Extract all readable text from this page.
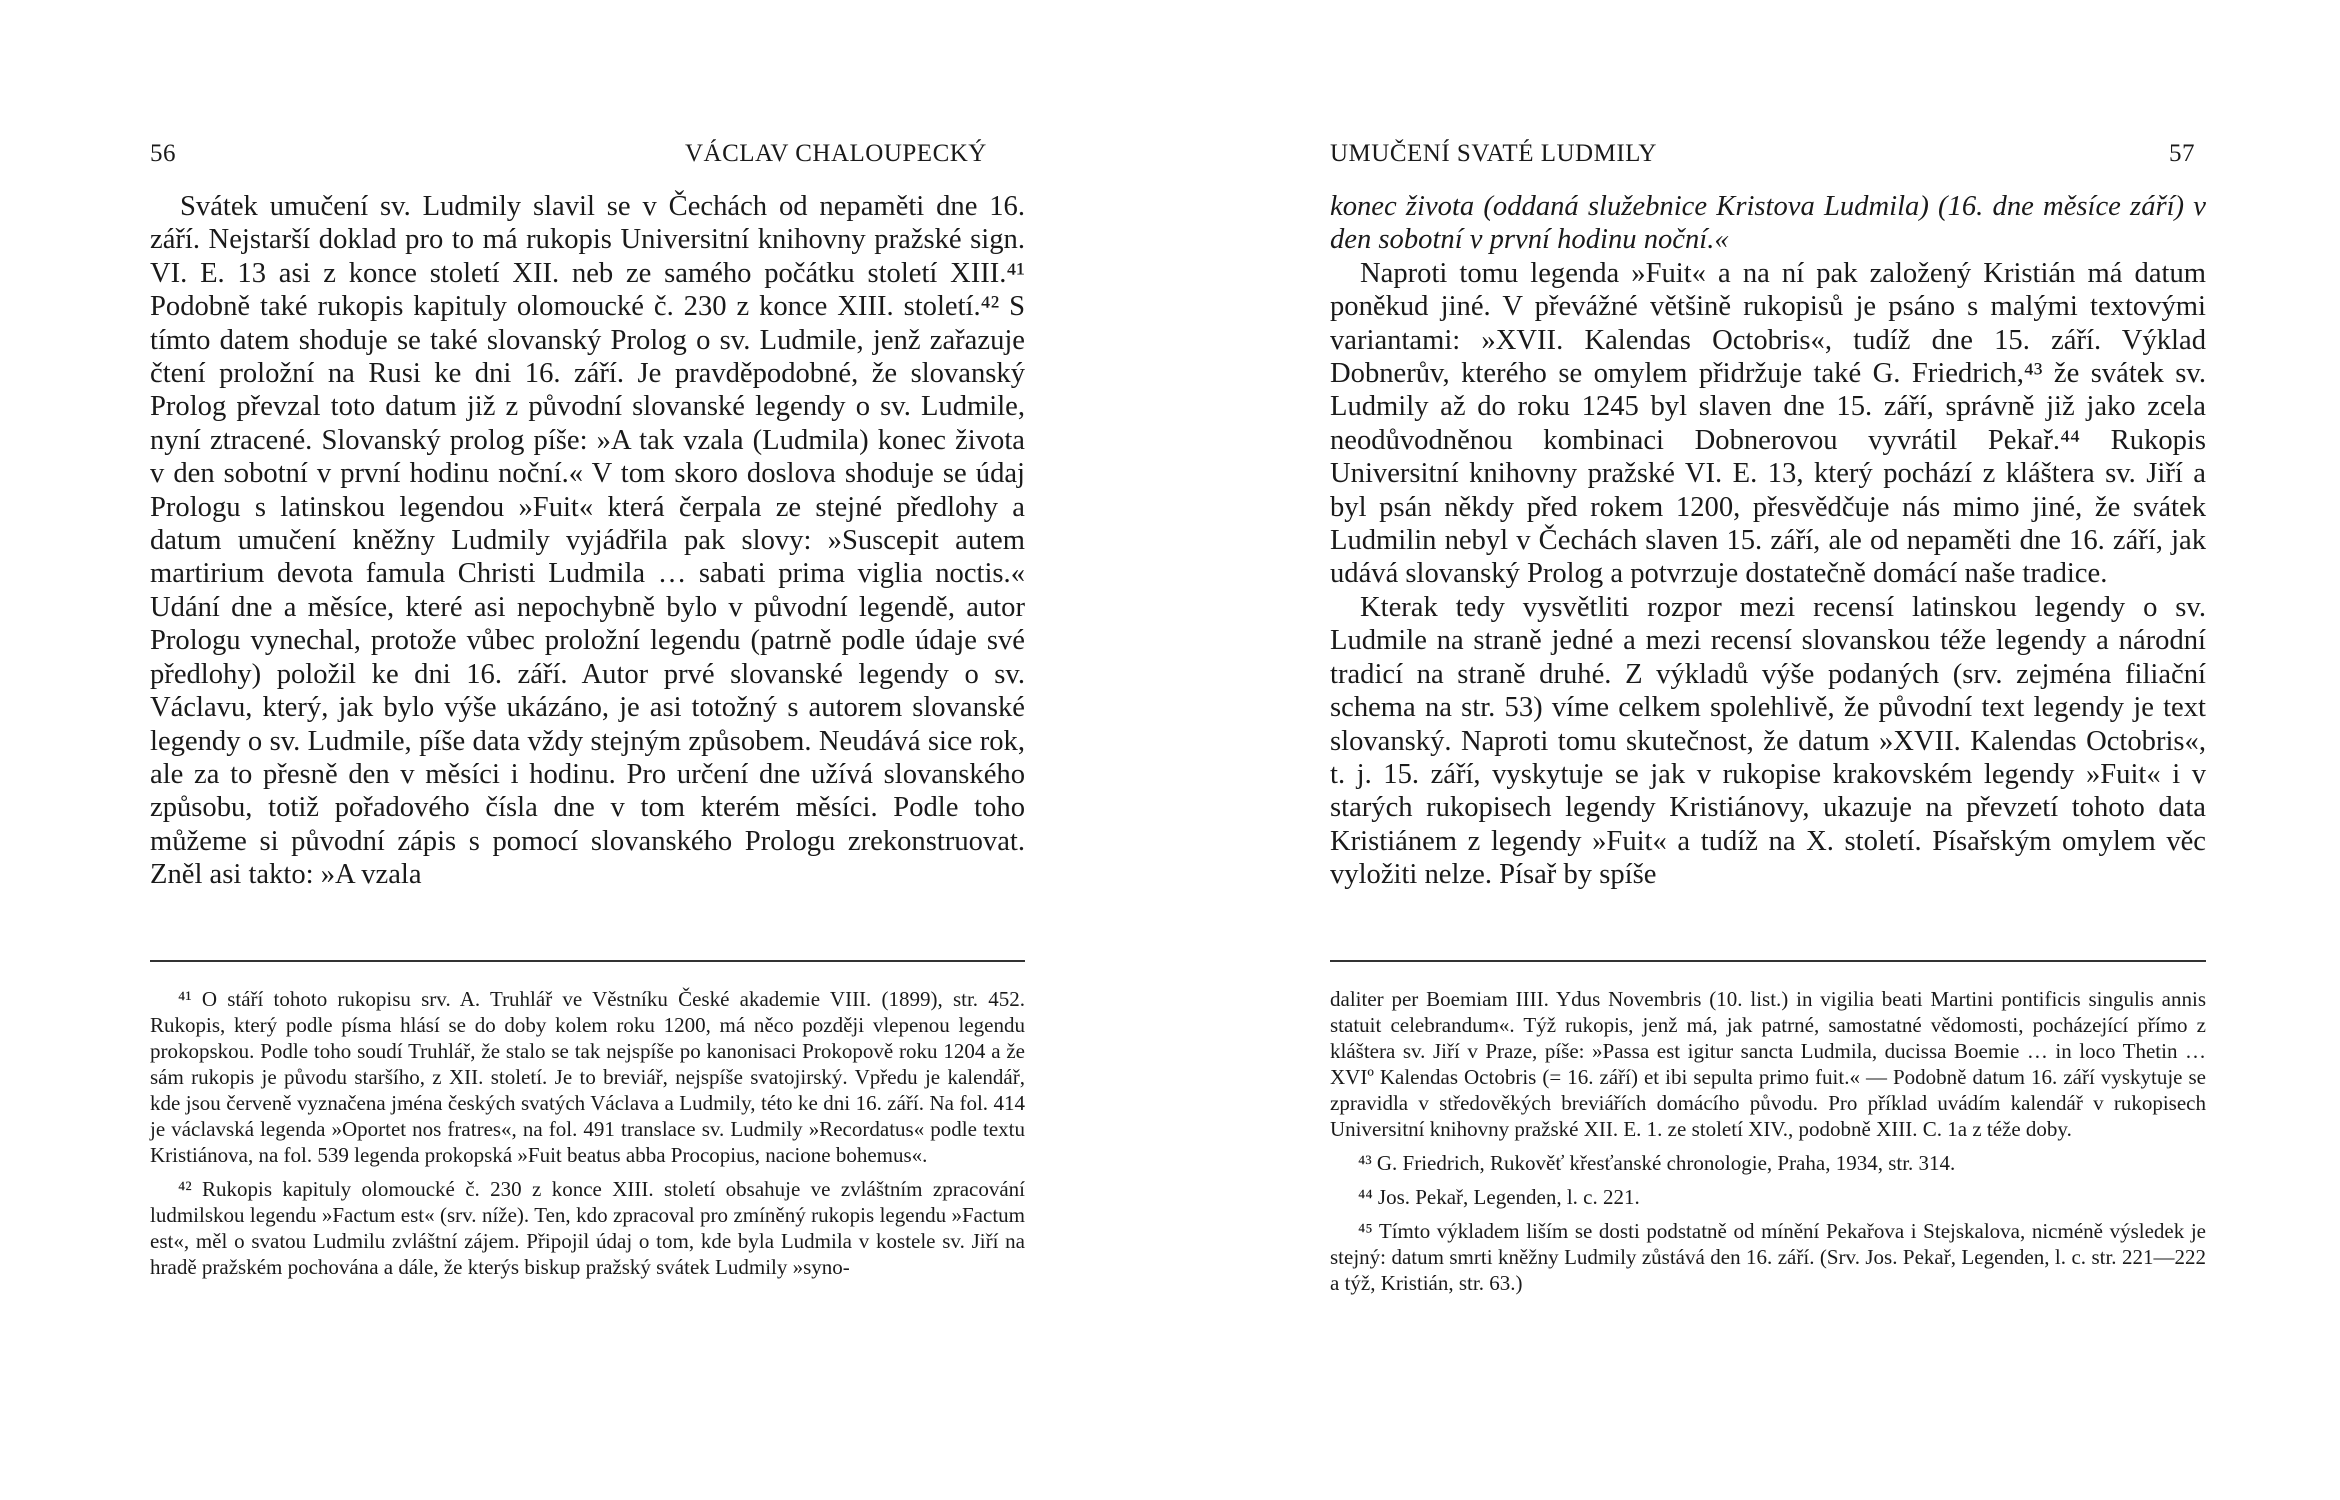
56	VÁCLAV CHALOUPECKÝ

Svátek umučení sv. Ludmily slavil se v Čechách od nepaměti dne 16. září. Nejstarší doklad pro to má rukopis Universitní knihovny pražské sign. VI. E. 13 asi z konce století XII. neb ze samého počátku století XIII.⁴¹ Podobně také rukopis kapituly olomoucké č. 230 z konce XIII. století.⁴² S tímto datem shoduje se také slovanský Prolog o sv. Ludmile, jenž zařazuje čtení proložní na Rusi ke dni 16. září. Je pravděpodobné, že slovanský Prolog převzal toto datum již z původní slovanské legendy o sv. Ludmile, nyní ztracené. Slovanský prolog píše: »A tak vzala (Ludmila) konec života v den sobotní v první hodinu noční.« V tom skoro doslova shoduje se údaj Prologu s latinskou legendou »Fuit« která čerpala ze stejné předlohy a datum umučení kněžny Ludmily vyjádřila pak slovy: »Suscepit autem martirium devota famula Christi Ludmila … sabati prima viglia noctis.« Udání dne a měsíce, které asi nepochybně bylo v původní legendě, autor Prologu vynechal, protože vůbec proložní legendu (patrně podle údaje své předlohy) položil ke dni 16. září. Autor prvé slovanské legendy o sv. Václavu, který, jak bylo výše ukázáno, je asi totožný s autorem slovanské legendy o sv. Ludmile, píše data vždy stejným způsobem. Neudává sice rok, ale za to přesně den v měsíci i hodinu. Pro určení dne užívá slovanského způsobu, totiž pořadového čísla dne v tom kterém měsíci. Podle toho můžeme si původní zápis s pomocí slovanského Prologu zrekonstruovat. Zněl asi takto: »A vzala

⁴¹ O stáří tohoto rukopisu srv. A. Truhlář ve Věstníku České akademie VIII. (1899), str. 452. Rukopis, který podle písma hlásí se do doby kolem roku 1200, má něco později vlepenou legendu prokopskou. Podle toho soudí Truhlář, že stalo se tak nejspíše po kanonisaci Prokopově roku 1204 a že sám rukopis je původu staršího, z XII. století. Je to breviář, nejspíše svatojirský. Vpředu je kalendář, kde jsou červeně vyznačena jména českých svatých Václava a Ludmily, této ke dni 16. září. Na fol. 414 je václavská legenda »Oportet nos fratres«, na fol. 491 translace sv. Ludmily »Recordatus« podle textu Kristiánova, na fol. 539 legenda prokopská »Fuit beatus abba Procopius, nacione bohemus«.

⁴² Rukopis kapituly olomoucké č. 230 z konce XIII. století obsahuje ve zvláštním zpracování ludmilskou legendu »Factum est« (srv. níže). Ten, kdo zpracoval pro zmíněný rukopis legendu »Factum est«, měl o svatou Ludmilu zvláštní zájem. Připojil údaj o tom, kde byla Ludmila v kostele sv. Jiří na hradě pražském pochována a dále, že kterýs biskup pražský svátek Ludmily »syno-

UMUČENÍ SVATÉ LUDMILY	57

konec života (oddaná služebnice Kristova Ludmila) (16. dne měsíce září) v den sobotní v první hodinu noční.«

Naproti tomu legenda »Fuit« a na ní pak založený Kristián má datum poněkud jiné. V převážné většině rukopisů je psáno s malými textovými variantami: »XVII. Kalendas Octobris«, tudíž dne 15. září. Výklad Dobnerův, kterého se omylem přidržuje také G. Friedrich,⁴³ že svátek sv. Ludmily až do roku 1245 byl slaven dne 15. září, správně již jako zcela neodůvodněnou kombinaci Dobnerovou vyvrátil Pekař.⁴⁴ Rukopis Universitní knihovny pražské VI. E. 13, který pochází z kláštera sv. Jiří a byl psán někdy před rokem 1200, přesvědčuje nás mimo jiné, že svátek Ludmilin nebyl v Čechách slaven 15. září, ale od nepaměti dne 16. září, jak udává slovanský Prolog a potvrzuje dostatečně domácí naše tradice.

Kterak tedy vysvětliti rozpor mezi recensí latinskou legendy o sv. Ludmile na straně jedné a mezi recensí slovanskou téže legendy a národní tradicí na straně druhé. Z výkladů výše podaných (srv. zejména filiační schema na str. 53) víme celkem spolehlivě, že původní text legendy je text slovanský. Naproti tomu skutečnost, že datum »XVII. Kalendas Octobris«, t. j. 15. září, vyskytuje se jak v rukopise krakovském legendy »Fuit« i v starých rukopisech legendy Kristiánovy, ukazuje na převzetí tohoto data Kristiánem z legendy »Fuit« a tudíž na X. století. Písařským omylem věc vyložiti nelze. Písař by spíše

daliter per Boemiam IIII. Ydus Novembris (10. list.) in vigilia beati Martini pontificis singulis annis statuit celebrandum«. Týž rukopis, jenž má, jak patrné, samostatné vědomosti, pocházející přímo z kláštera sv. Jiří v Praze, píše: »Passa est igitur sancta Ludmila, ducissa Boemie … in loco Thetin … XVIº Kalendas Octobris (= 16. září) et ibi sepulta primo fuit.« — Podobně datum 16. září vyskytuje se zpravidla v středověkých breviářích domácího původu. Pro příklad uvádím kalendář v rukopisech Universitní knihovny pražské XII. E. 1. ze století XIV., podobně XIII. C. 1a z téže doby.

⁴³ G. Friedrich, Rukověť křesťanské chronologie, Praha, 1934, str. 314.

⁴⁴ Jos. Pekař, Legenden, l. c. 221.

⁴⁵ Tímto výkladem liším se dosti podstatně od mínění Pekařova i Stejskalova, nicméně výsledek je stejný: datum smrti kněžny Ludmily zůstává den 16. září. (Srv. Jos. Pekař, Legenden, l. c. str. 221—222 a týž, Kristián, str. 63.)
